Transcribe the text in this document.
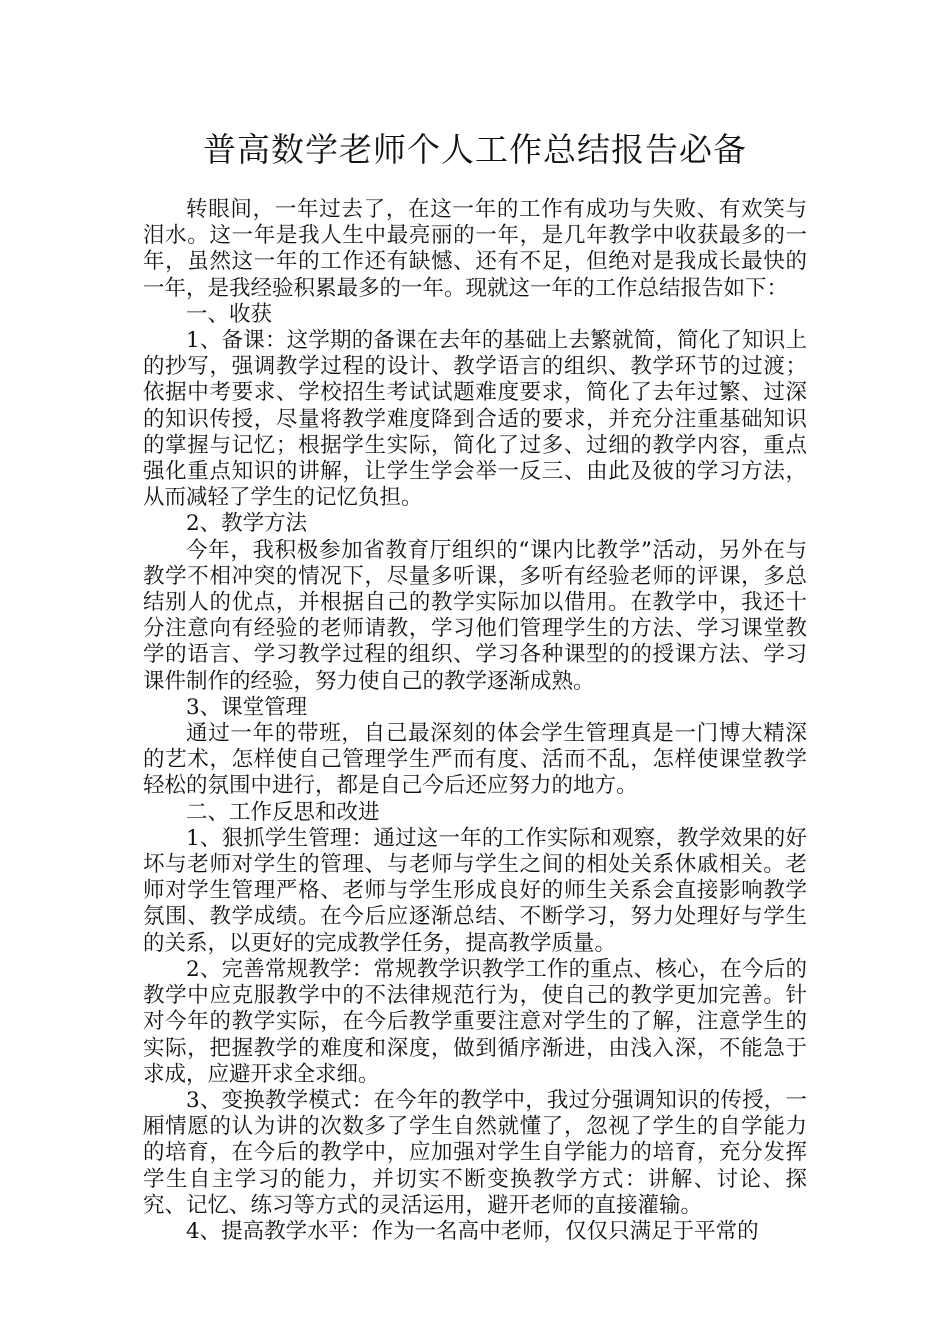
普高数学老师个人工作总结报告必备

转眼间，一年过去了，在这一年的工作有成功与失败、有欢笑与泪水。这一年是我人生中最亮丽的一年，是几年教学中收获最多的一年，虽然这一年的工作还有缺憾、还有不足，但绝对是我成长最快的一年，是我经验积累最多的一年。现就这一年的工作总结报告如下：

一、收获

1、备课：这学期的备课在去年的基础上去繁就简，简化了知识上的抄写，强调教学过程的设计、教学语言的组织、教学环节的过渡；依据中考要求、学校招生考试试题难度要求，简化了去年过繁、过深的知识传授，尽量将教学难度降到合适的要求，并充分注重基础知识的掌握与记忆；根据学生实际，简化了过多、过细的教学内容，重点强化重点知识的讲解，让学生学会举一反三、由此及彼的学习方法，从而减轻了学生的记忆负担。

2、教学方法

今年，我积极参加省教育厅组织的“课内比教学”活动，另外在与教学不相冲突的情况下，尽量多听课，多听有经验老师的评课，多总结别人的优点，并根据自己的教学实际加以借用。在教学中，我还十分注意向有经验的老师请教，学习他们管理学生的方法、学习课堂教学的语言、学习教学过程的组织、学习各种课型的的授课方法、学习课件制作的经验，努力使自己的教学逐渐成熟。

3、课堂管理

通过一年的带班，自己最深刻的体会学生管理真是一门博大精深的艺术，怎样使自己管理学生严而有度、活而不乱，怎样使课堂教学轻松的氛围中进行，都是自己今后还应努力的地方。

二、工作反思和改进

1、狠抓学生管理：通过这一年的工作实际和观察，教学效果的好坏与老师对学生的管理、与老师与学生之间的相处关系休戚相关。老师对学生管理严格、老师与学生形成良好的师生关系会直接影响教学氛围、教学成绩。在今后应逐渐总结、不断学习，努力处理好与学生的关系，以更好的完成教学任务，提高教学质量。

2、完善常规教学：常规教学识教学工作的重点、核心，在今后的教学中应克服教学中的不法律规范行为，使自己的教学更加完善。针对今年的教学实际，在今后教学重要注意对学生的了解，注意学生的实际，把握教学的难度和深度，做到循序渐进，由浅入深，不能急于求成，应避开求全求细。

3、变换教学模式：在今年的教学中，我过分强调知识的传授，一厢情愿的认为讲的次数多了学生自然就懂了，忽视了学生的自学能力的培育，在今后的教学中，应加强对学生自学能力的培育，充分发挥学生自主学习的能力，并切实不断变换教学方式：讲解、讨论、探究、记忆、练习等方式的灵活运用，避开老师的直接灌输。

4、提高教学水平：作为一名高中老师，仅仅只满足于平常的
